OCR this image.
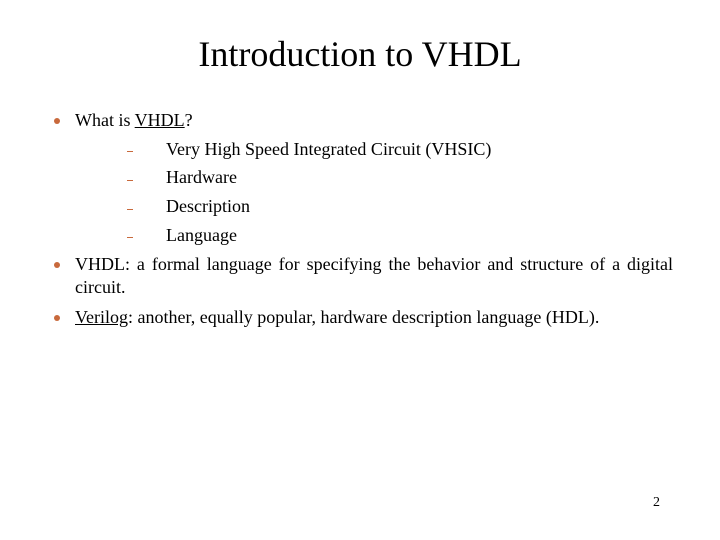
Introduction to VHDL
What is VHDL?
Very High Speed Integrated Circuit (VHSIC)
Hardware
Description
Language
VHDL: a formal language for specifying the behavior and structure of a digital circuit.
Verilog: another, equally popular, hardware description language (HDL).
2
